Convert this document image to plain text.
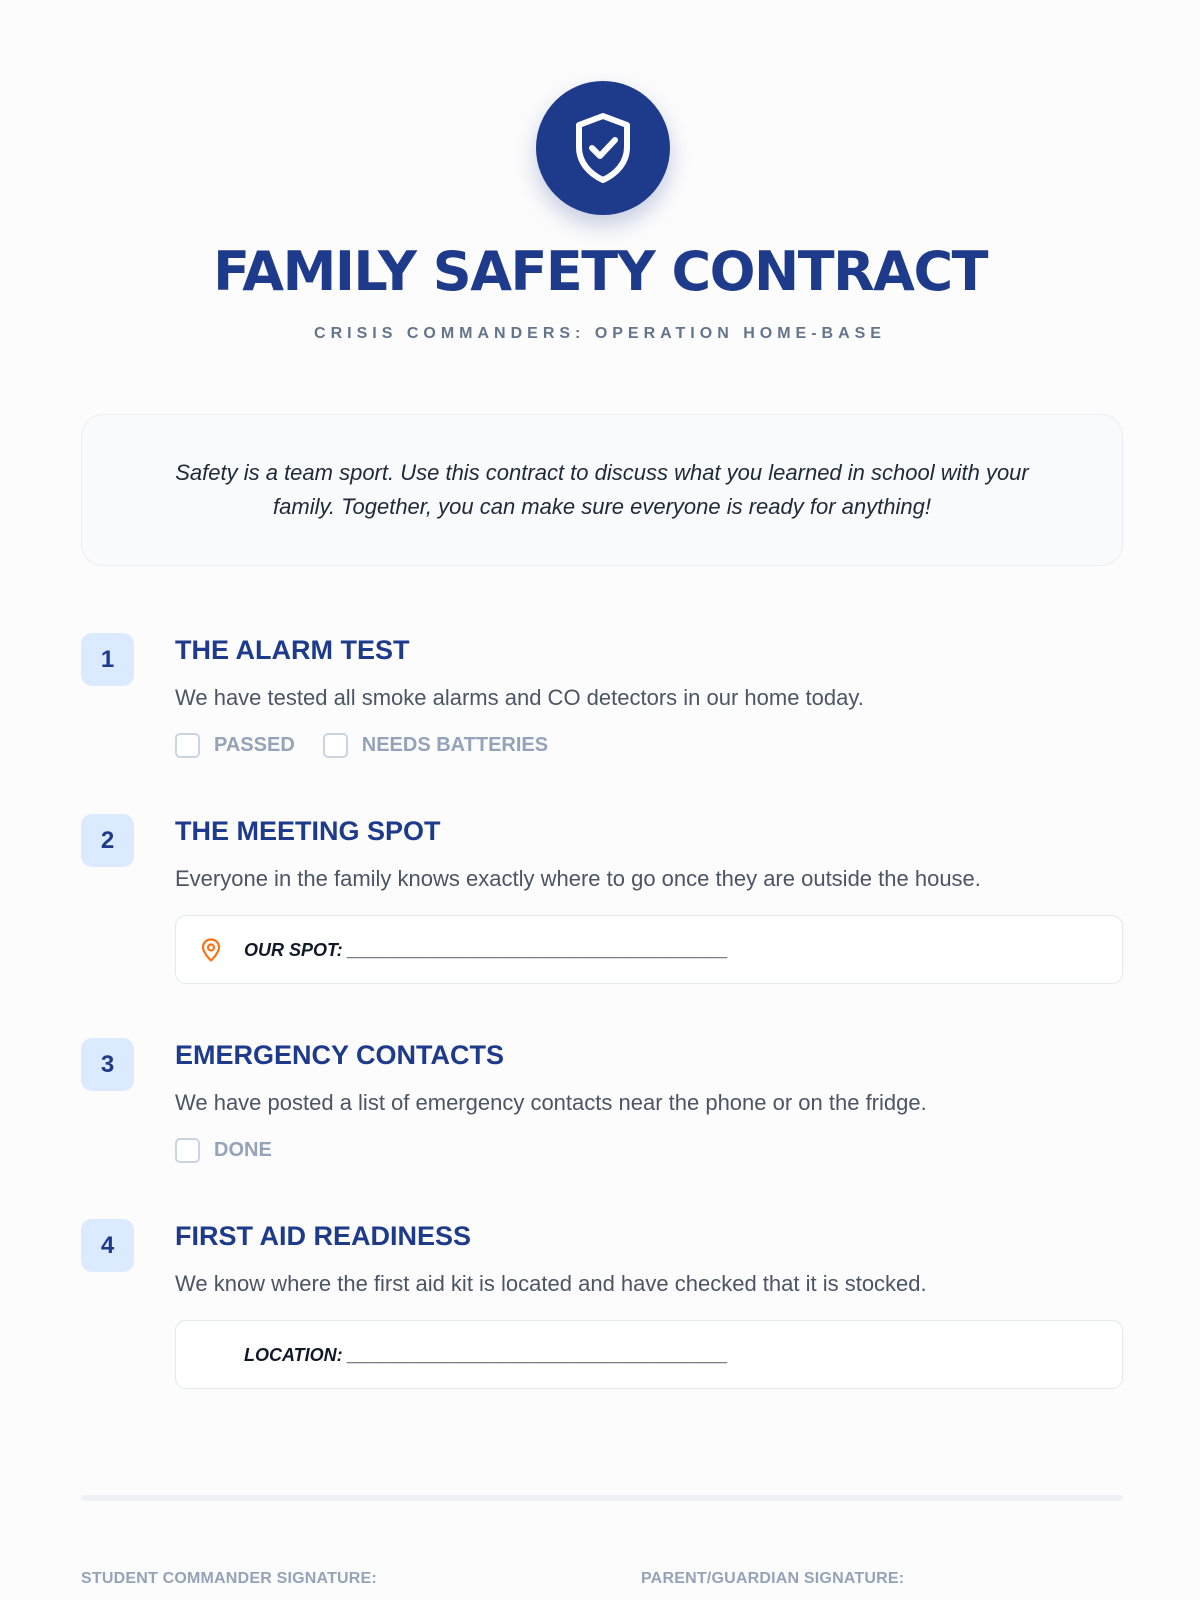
FAMILY SAFETY CONTRACT
CRISIS COMMANDERS: OPERATION HOME-BASE
Safety is a team sport. Use this contract to discuss what you learned in school with your family. Together, you can make sure everyone is ready for anything!
1	THE ALARM TEST
We have tested all smoke alarms and CO detectors in our home today.
PASSED	NEEDS BATTERIES
2	THE MEETING SPOT
Everyone in the family knows exactly where to go once they are outside the house.
OUR SPOT: ______________________________________
3	EMERGENCY CONTACTS
We have posted a list of emergency contacts near the phone or on the fridge.
DONE
4	FIRST AID READINESS
We know where the first aid kit is located and have checked that it is stocked.
LOCATION: ______________________________________
STUDENT COMMANDER SIGNATURE:	PARENT/GUARDIAN SIGNATURE:
